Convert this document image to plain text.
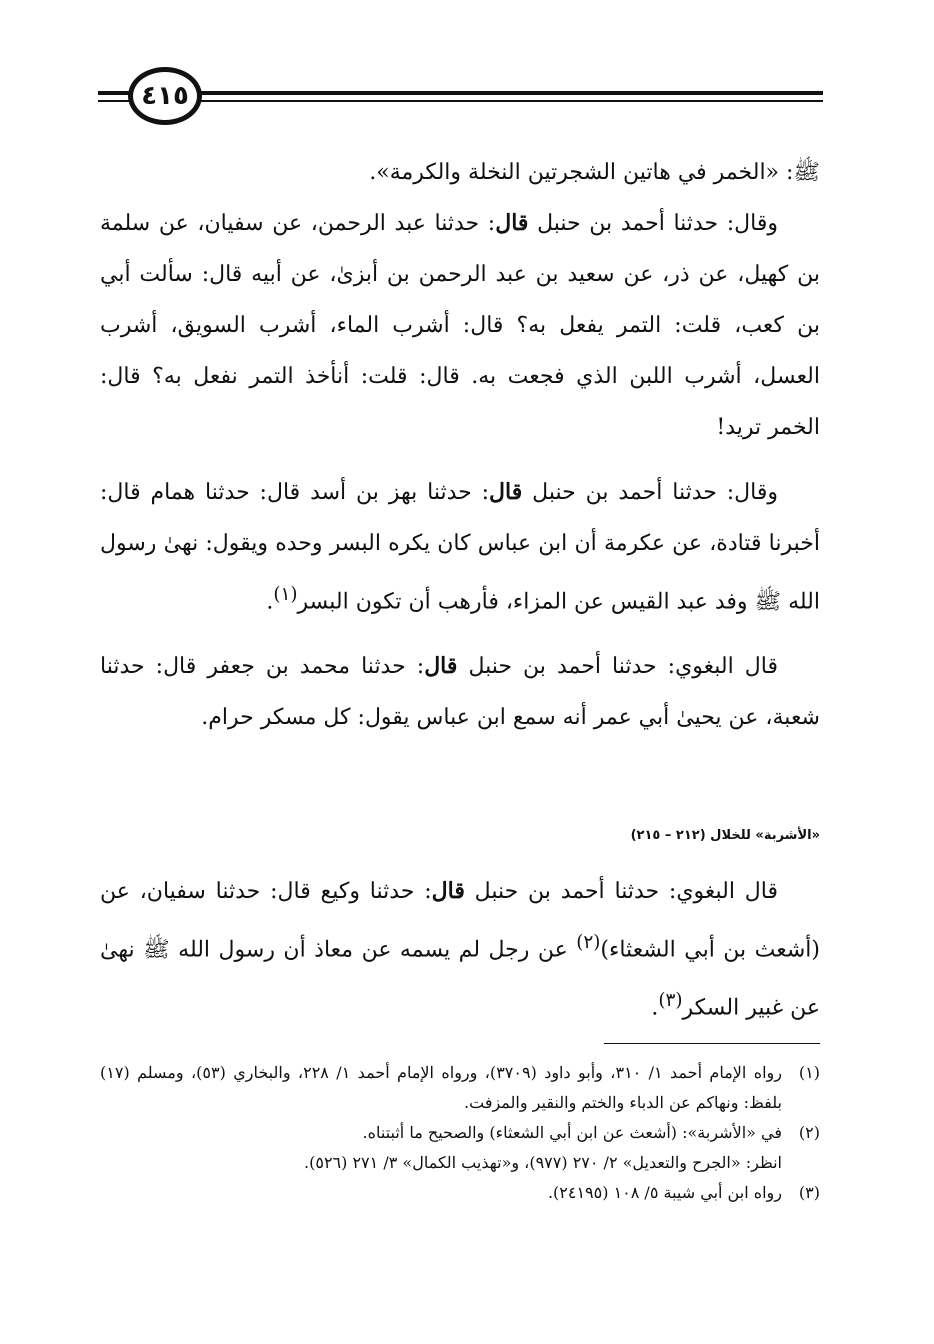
٤١٥

ﷺ: «الخمر في هاتين الشجرتين النخلة والكرمة».

وقال: حدثنا أحمد بن حنبل قال: حدثنا عبد الرحمن، عن سفيان، عن سلمة بن كهيل، عن ذر، عن سعيد بن عبد الرحمن بن أبزىٰ، عن أبيه قال: سألت أبي بن كعب، قلت: التمر يفعل به؟ قال: أشرب الماء، أشرب السويق، أشرب العسل، أشرب اللبن الذي فجعت به. قال: قلت: أنأخذ التمر نفعل به؟ قال: الخمر تريد!

وقال: حدثنا أحمد بن حنبل قال: حدثنا بهز بن أسد قال: حدثنا همام قال: أخبرنا قتادة، عن عكرمة أن ابن عباس كان يكره البسر وحده ويقول: نهىٰ رسول الله ﷺ وفد عبد القيس عن المزاء، فأرهب أن تكون البسر$^{(١)}$.

قال البغوي: حدثنا أحمد بن حنبل قال: حدثنا محمد بن جعفر قال: حدثنا شعبة، عن يحيىٰ أبي عمر أنه سمع ابن عباس يقول: كل مسكر حرام.

«الأشربة» للخلال (٢١٢ – ٢١٥)

قال البغوي: حدثنا أحمد بن حنبل قال: حدثنا وكيع قال: حدثنا سفيان، عن (أشعث بن أبي الشعثاء)$^{(٢)}$ عن رجل لم يسمه عن معاذ أن رسول الله ﷺ نهىٰ عن غبير السكر$^{(٣)}$.

(١)
رواه الإمام أحمد ١/ ٣١٠، وأبو داود (٣٧٠٩)، ورواه الإمام أحمد ١/ ٢٢٨، والبخاري (٥٣)، ومسلم (١٧) بلفظ: ونهاكم عن الدباء والختم والنقير والمزفت.
(٢)
في «الأشربة»: (أشعث عن ابن أبي الشعثاء) والصحيح ما أثبتناه.
انظر: «الجرح والتعديل» ٢/ ٢٧٠ (٩٧٧)، و«تهذيب الكمال» ٣/ ٢٧١ (٥٢٦).
(٣)
رواه ابن أبي شيبة ٥/ ١٠٨ (٢٤١٩٥).
